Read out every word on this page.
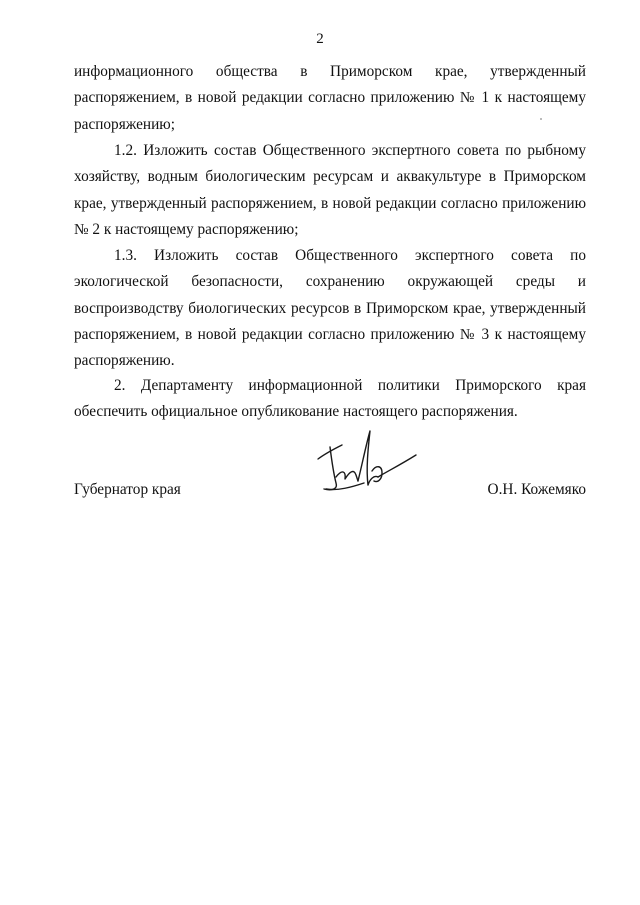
2
информационного общества в Приморском крае, утвержденный
распоряжением, в новой редакции согласно приложению № 1 к настоящему
распоряжению;
1.2. Изложить состав Общественного экспертного совета по рыбному
хозяйству, водным биологическим ресурсам и аквакультуре в Приморском
крае, утвержденный распоряжением, в новой редакции согласно приложению
№ 2 к настоящему распоряжению;
1.3. Изложить состав Общественного экспертного совета по
экологической безопасности, сохранению окружающей среды и
воспроизводству биологических ресурсов в Приморском крае, утвержденный
распоряжением, в новой редакции согласно приложению № 3 к настоящему
распоряжению.
2. Департаменту информационной политики Приморского края
обеспечить официальное опубликование настоящего распоряжения.
Губернатор края	О.Н. Кожемяко
